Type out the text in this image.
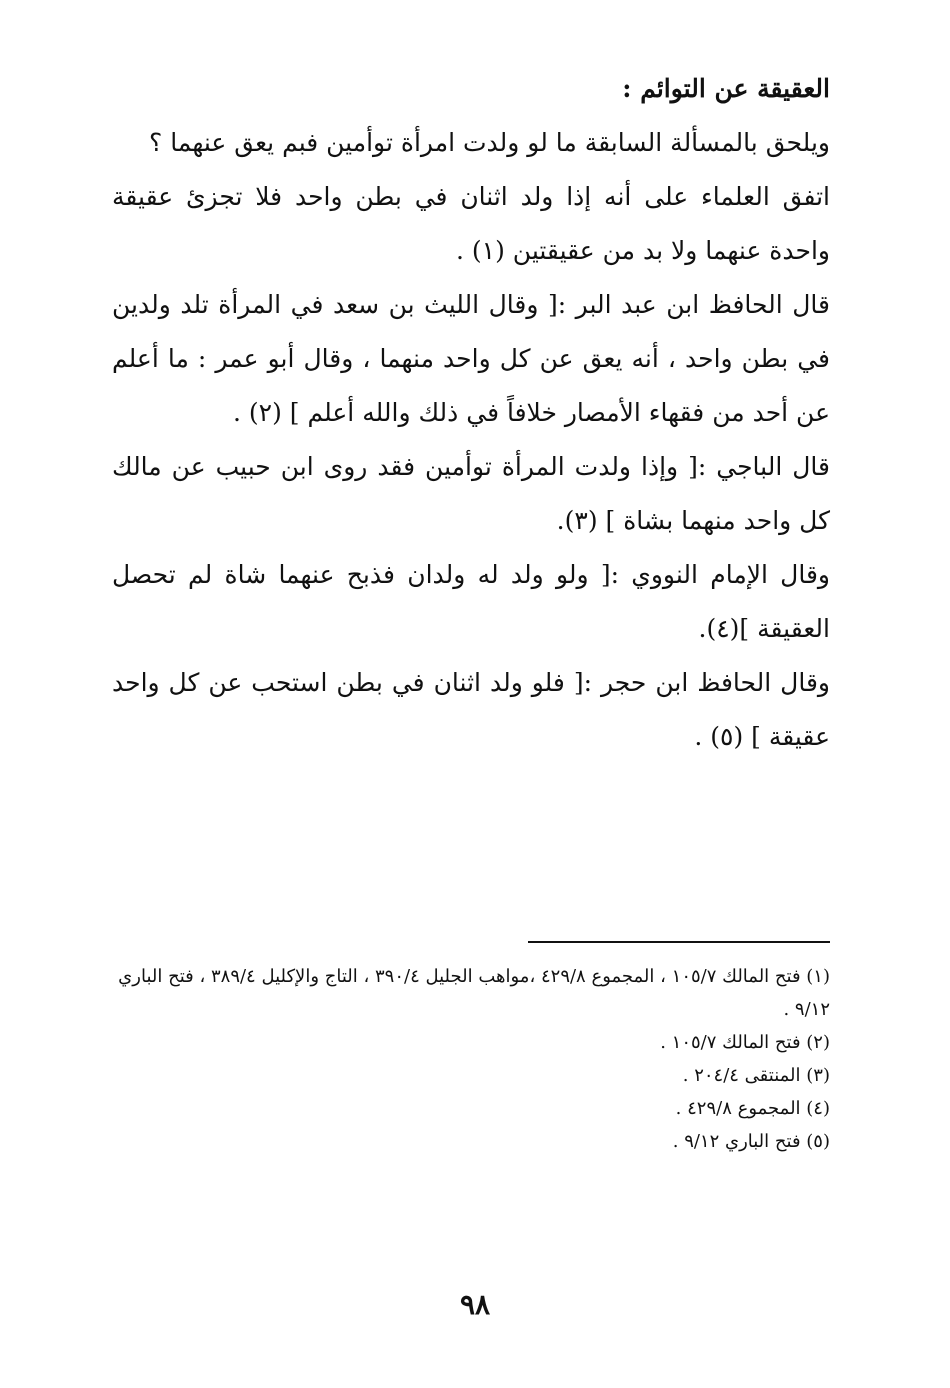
العقيقة عن التوائم :

ويلحق بالمسألة السابقة ما لو ولدت امرأة توأمين فبم يعق عنهما ؟

اتفق العلماء على أنه إذا ولد اثنان في بطن واحد فلا تجزئ عقيقة واحدة عنهما ولا بد من عقيقتين (١) .

قال الحافظ ابن عبد البر :[ وقال الليث بن سعد في المرأة تلد ولدين في بطن واحد ، أنه يعق عن كل واحد منهما ، وقال أبو عمر : ما أعلم عن أحد من فقهاء الأمصار خلافاً في ذلك والله أعلم ] (٢) .

قال الباجي :[ وإذا ولدت المرأة توأمين فقد روى ابن حبيب عن مالك كل واحد منهما بشاة ] (٣).

وقال الإمام النووي :[ ولو ولد له ولدان فذبح عنهما شاة لم تحصل العقيقة ](٤).

وقال الحافظ ابن حجر :[ فلو ولد اثنان في بطن استحب عن كل واحد عقيقة ] (٥) .

(١) فتح المالك ١٠٥/٧ ، المجموع ٤٢٩/٨ ،مواهب الجليل ٣٩٠/٤ ، التاج والإكليل ٣٨٩/٤ ، فتح الباري ٩/١٢ .

(٢) فتح المالك ١٠٥/٧ .

(٣) المنتقى ٢٠٤/٤ .

(٤) المجموع ٤٢٩/٨ .

(٥) فتح الباري ٩/١٢ .

٩٨
